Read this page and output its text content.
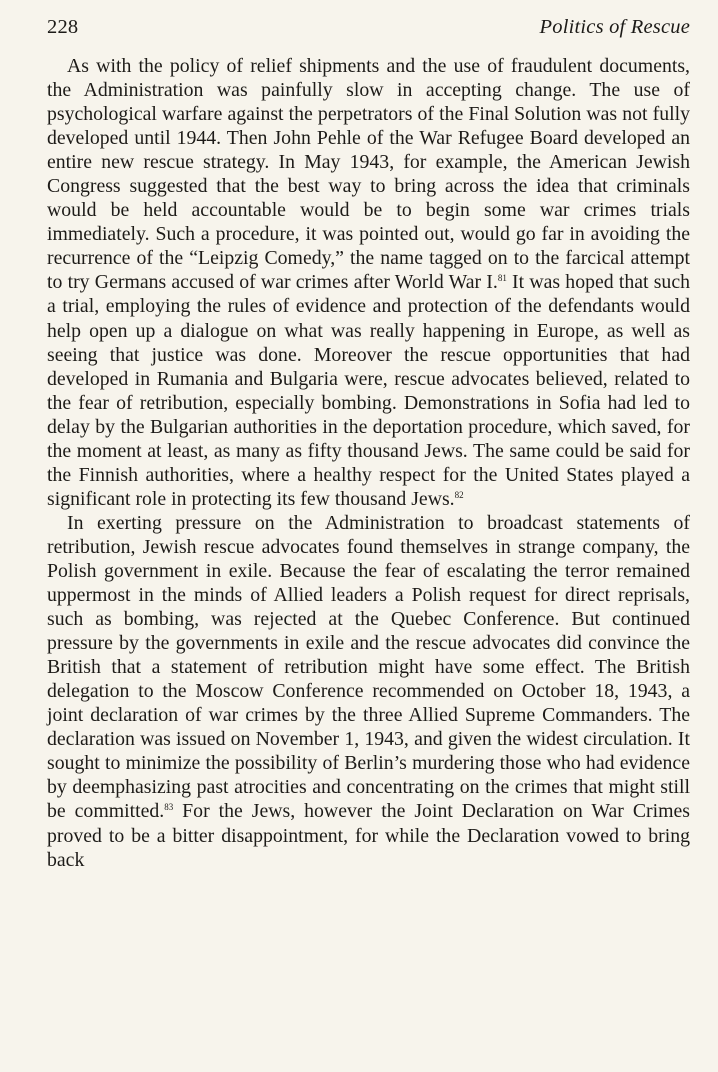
228	Politics of Rescue

As with the policy of relief shipments and the use of fraudulent documents, the Administration was painfully slow in accepting change. The use of psychological warfare against the perpetrators of the Final Solution was not fully developed until 1944. Then John Pehle of the War Refugee Board developed an entire new rescue strategy. In May 1943, for example, the American Jewish Congress suggested that the best way to bring across the idea that criminals would be held accountable would be to begin some war crimes trials immediately. Such a procedure, it was pointed out, would go far in avoiding the recurrence of the “Leipzig Comedy,” the name tagged on to the farcical attempt to try Germans accused of war crimes after World War I.$^{81}$ It was hoped that such a trial, employing the rules of evidence and protection of the defendants would help open up a dialogue on what was really happening in Europe, as well as seeing that justice was done. Moreover the rescue opportunities that had developed in Rumania and Bulgaria were, rescue advocates believed, related to the fear of retribution, especially bombing. Demonstrations in Sofia had led to delay by the Bulgarian authorities in the deportation procedure, which saved, for the moment at least, as many as fifty thousand Jews. The same could be said for the Finnish authorities, where a healthy respect for the United States played a significant role in protecting its few thousand Jews.$^{82}$

In exerting pressure on the Administration to broadcast statements of retribution, Jewish rescue advocates found themselves in strange company, the Polish government in exile. Because the fear of escalating the terror remained uppermost in the minds of Allied leaders a Polish request for direct reprisals, such as bombing, was rejected at the Quebec Conference. But continued pressure by the governments in exile and the rescue advocates did convince the British that a statement of retribution might have some effect. The British delegation to the Moscow Conference recommended on October 18, 1943, a joint declaration of war crimes by the three Allied Supreme Commanders. The declaration was issued on November 1, 1943, and given the widest circulation. It sought to minimize the possibility of Berlin’s murdering those who had evidence by deemphasizing past atrocities and concentrating on the crimes that might still be committed.$^{83}$ For the Jews, however the Joint Declaration on War Crimes proved to be a bitter disappointment, for while the Declaration vowed to bring back
